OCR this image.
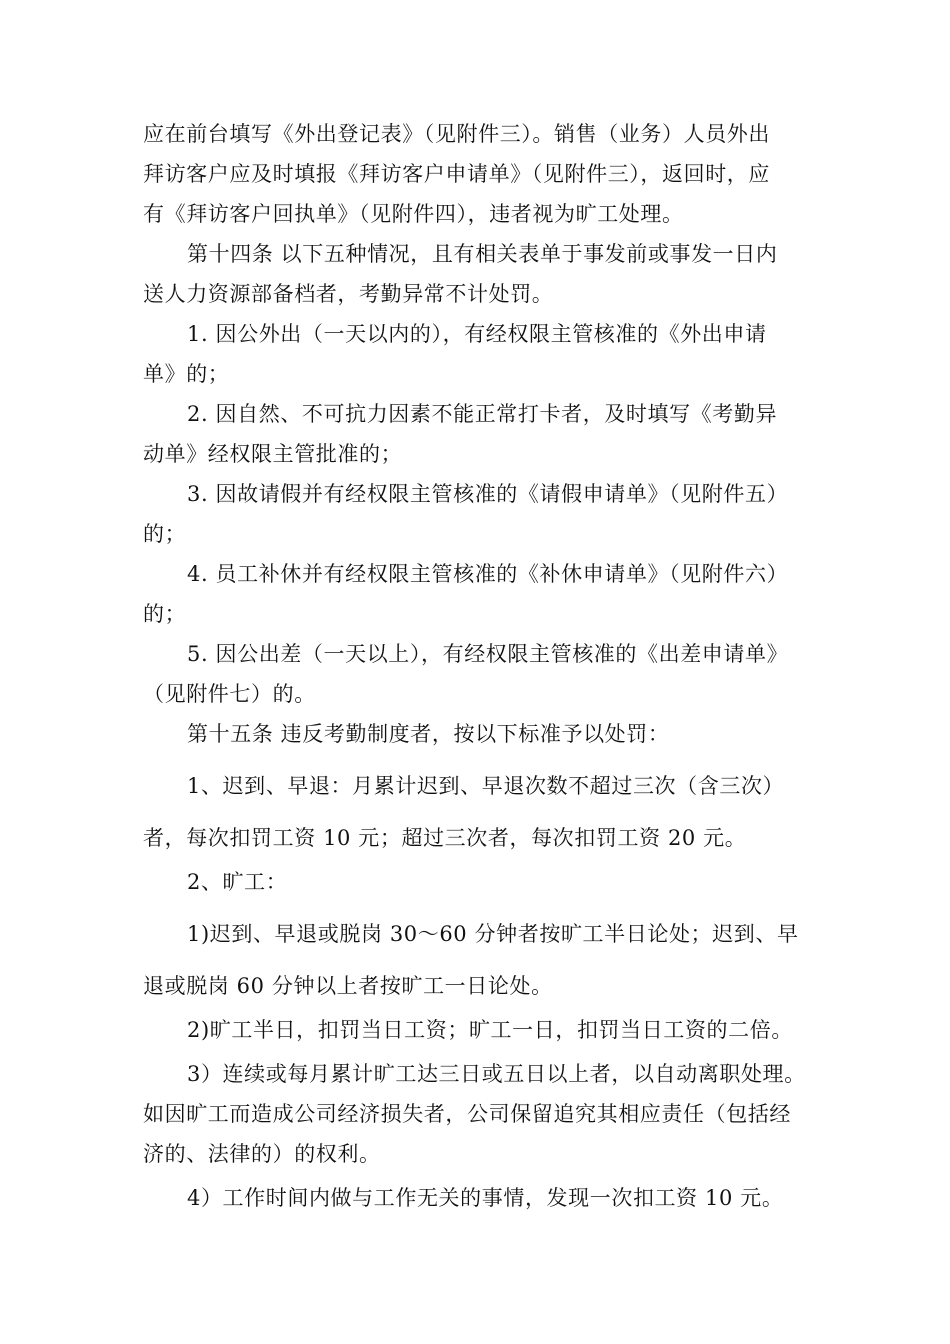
应在前台填写《外出登记表》（见附件三）。销售（业务）人员外出
拜访客户应及时填报《拜访客户申请单》（见附件三），返回时，应
有《拜访客户回执单》（见附件四），违者视为旷工处理。
第十四条 以下五种情况，且有相关表单于事发前或事发一日内
送人力资源部备档者，考勤异常不计处罚。
1. 因公外出（一天以内的），有经权限主管核准的《外出申请
单》的；
2. 因自然、不可抗力因素不能正常打卡者，及时填写《考勤异
动单》经权限主管批准的；
3. 因故请假并有经权限主管核准的《请假申请单》（见附件五）
的；
4. 员工补休并有经权限主管核准的《补休申请单》（见附件六）
的；
5. 因公出差（一天以上），有经权限主管核准的《出差申请单》
（见附件七）的。
第十五条 违反考勤制度者，按以下标准予以处罚：
1、迟到、早退：月累计迟到、早退次数不超过三次（含三次）
者，每次扣罚工资 10 元；超过三次者，每次扣罚工资 20 元。
2、旷工：
1)迟到、早退或脱岗 30～60 分钟者按旷工半日论处；迟到、早
退或脱岗 60 分钟以上者按旷工一日论处。
2)旷工半日，扣罚当日工资；旷工一日，扣罚当日工资的二倍。
3）连续或每月累计旷工达三日或五日以上者，以自动离职处理。
如因旷工而造成公司经济损失者，公司保留追究其相应责任（包括经
济的、法律的）的权利。
4）工作时间内做与工作无关的事情，发现一次扣工资 10 元。
